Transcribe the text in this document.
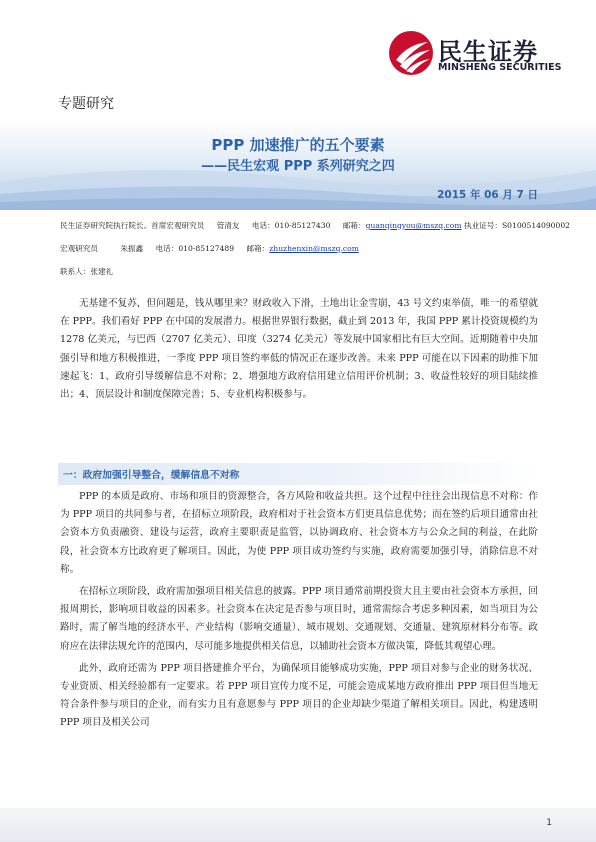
民生证券
MINSHENG SECURITIES
专题研究
PPP 加速推广的五个要素
——民生宏观 PPP 系列研究之四
2015 年 06 月 7 日
民生证券研究院执行院长、首席宏观研究员 管清友 电话：010-85127430 邮箱：guanqingyou@mszq.com 执业证号：S0100514090002
宏观研究员	朱振鑫 电话：010-85127489 邮箱：zhuzhenxin@mszq.com
联系人：张建礼

无基建不复苏，但问题是，钱从哪里来？财政收入下滑，土地出让金雪崩，43 号文约束举债，唯一的希望就在 PPP。我们看好 PPP 在中国的发展潜力。根据世界银行数据，截止到 2013 年，我国 PPP 累计投资规模约为 1278 亿美元，与巴西（2707 亿美元）、印度（3274 亿美元）等发展中国家相比有巨大空间。近期随着中央加强引导和地方积极推进，一季度 PPP 项目签约率低的情况正在逐步改善。未来 PPP 可能在以下因素的助推下加速起飞：1、政府引导缓解信息不对称；2、增强地方政府信用建立信用评价机制；3、收益性较好的项目陆续推出；4、顶层设计和制度保障完善；5、专业机构积极参与。

一：政府加强引导整合，缓解信息不对称

PPP 的本质是政府、市场和项目的资源整合，各方风险和收益共担。这个过程中往往会出现信息不对称：作为 PPP 项目的共同参与者，在招标立项阶段，政府相对于社会资本方们更具信息优势；而在签约后项目通常由社会资本方负责融资、建设与运营，政府主要职责是监管，以协调政府、社会资本方与公众之间的利益，在此阶段，社会资本方比政府更了解项目。因此，为使 PPP 项目成功签约与实施，政府需要加强引导，消除信息不对称。

在招标立项阶段，政府需加强项目相关信息的披露。PPP 项目通常前期投资大且主要由社会资本方承担，回报周期长，影响项目收益的因素多。社会资本在决定是否参与项目时，通常需综合考虑多种因素，如当项目为公路时，需了解当地的经济水平、产业结构（影响交通量）、城市规划、交通规划、交通量、建筑原材料分布等。政府应在法律法规允许的范围内，尽可能多地提供相关信息，以辅助社会资本方做决策，降低其观望心理。

此外，政府还需为 PPP 项目搭建推介平台，为确保项目能够成功实施，PPP 项目对参与企业的财务状况、专业资质、相关经验都有一定要求。若 PPP 项目宣传力度不足，可能会造成某地方政府推出 PPP 项目但当地无符合条件参与项目的企业，而有实力且有意愿参与 PPP 项目的企业却缺少渠道了解相关项目。因此，构建透明 PPP 项目及相关公司

1
